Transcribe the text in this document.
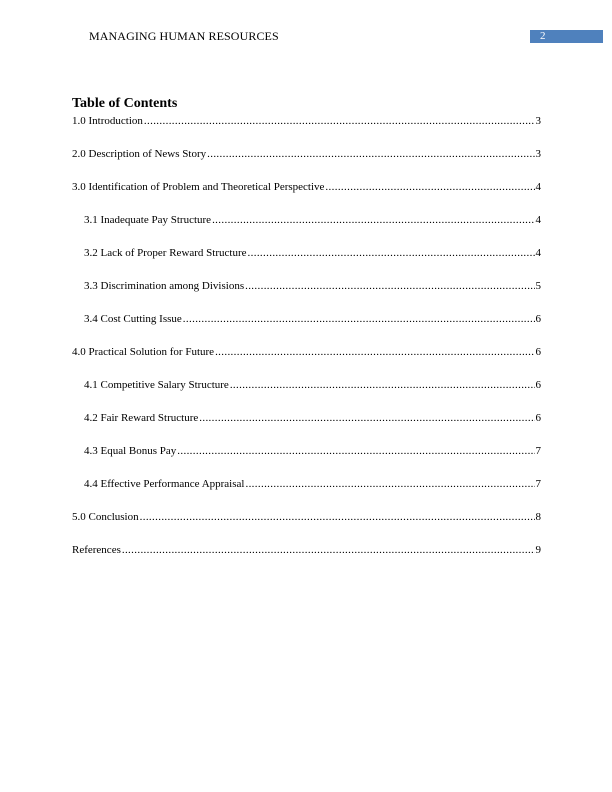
MANAGING HUMAN RESOURCES	2
Table of Contents
1.0 Introduction .....	3
2.0 Description of News Story .....	3
3.0 Identification of Problem and Theoretical Perspective .....	4
3.1 Inadequate Pay Structure .....	4
3.2 Lack of Proper Reward Structure .....	4
3.3 Discrimination among Divisions .....	5
3.4 Cost Cutting Issue .....	6
4.0 Practical Solution for Future .....	6
4.1 Competitive Salary Structure .....	6
4.2 Fair Reward Structure .....	6
4.3 Equal Bonus Pay .....	7
4.4 Effective Performance Appraisal .....	7
5.0 Conclusion .....	8
References .....	9
